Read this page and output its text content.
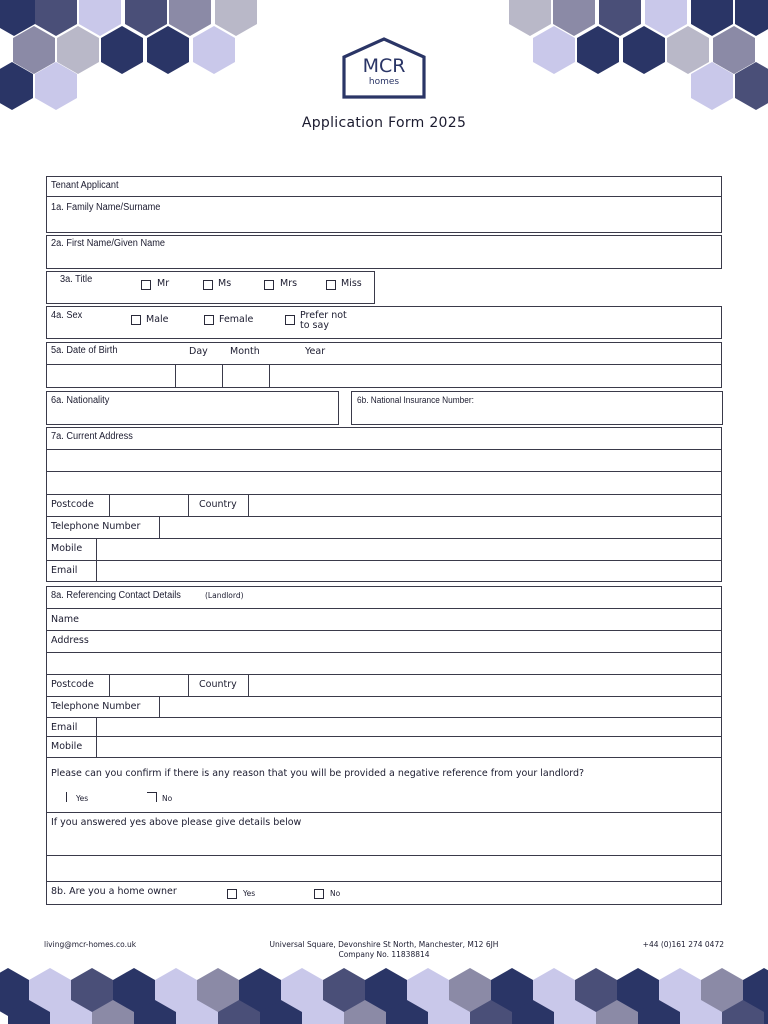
MCR
homes
Application Form 2025
Tenant Applicant
1a. Family Name/Surname
2a. First Name/Given Name
3a. Title	Mr	Ms	Mrs	Miss
4a. Sex	Male	Female	Prefer not
to say
5a. Date of Birth	Day Month	Year
6a. Nationality	6b. National Insurance Number:
7a. Current Address
Postcode	Country
Telephone Number
Mobile
Email
8a. Referencing Contact Details	(Landlord)
Name
Address
Postcode	Country
Telephone Number
Email
Mobile
Please can you confirm if there is any reason that you will be provided a negative reference from your landlord?
Yes	No
If you answered yes above please give details below
8b. Are you a home owner	Yes	No
living@mcr-homes.co.uk	Universal Square, Devonshire St North, Manchester, M12 6JH
Company No. 11838814
+44 (0)161 274 0472
